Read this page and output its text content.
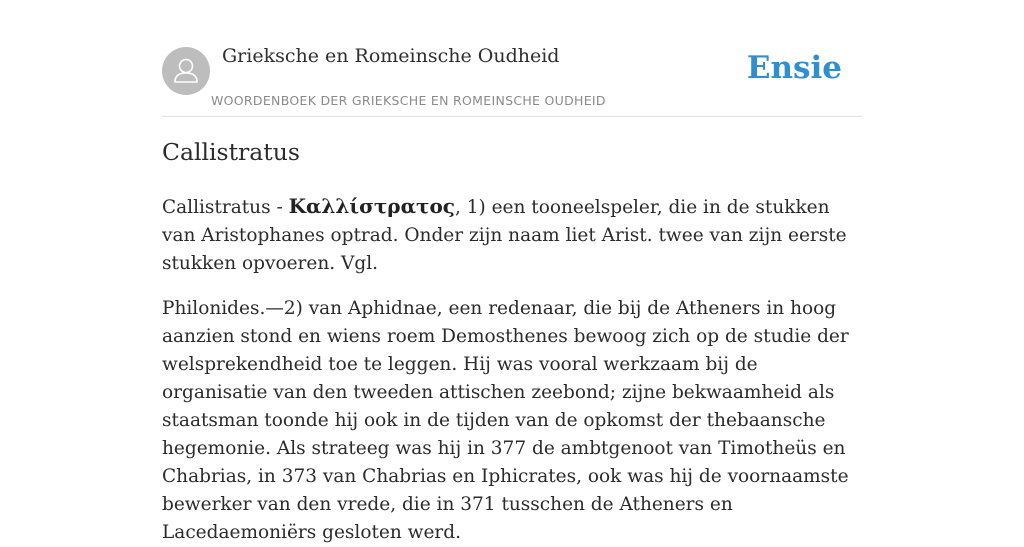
Grieksche en Romeinsche Oudheid
WOORDENBOEK DER GRIEKSCHE EN ROMEINSCHE OUDHEID
Ensie
Callistratus

Callistratus - Καλλίστρατος, 1) een tooneelspeler, die in de stukken van Aristophanes optrad. Onder zijn naam liet Arist. twee van zijn eerste stukken opvoeren. Vgl.

Philonides.—2) van Aphidnae, een redenaar, die bij de Atheners in hoog aanzien stond en wiens roem Demosthenes bewoog zich op de studie der welsprekendheid toe te leggen. Hij was vooral werkzaam bij de organisatie van den tweeden attischen zeebond; zijne bekwaamheid als staatsman toonde hij ook in de tijden van de opkomst der thebaansche hegemonie. Als strateeg was hij in 377 de ambtgenoot van Timotheüs en Chabrias, in 373 van Chabrias en Iphicrates, ook was hij de voornaamste bewerker van den vrede, die in 371 tusschen de Atheners en Lacedaemoniërs gesloten werd.
